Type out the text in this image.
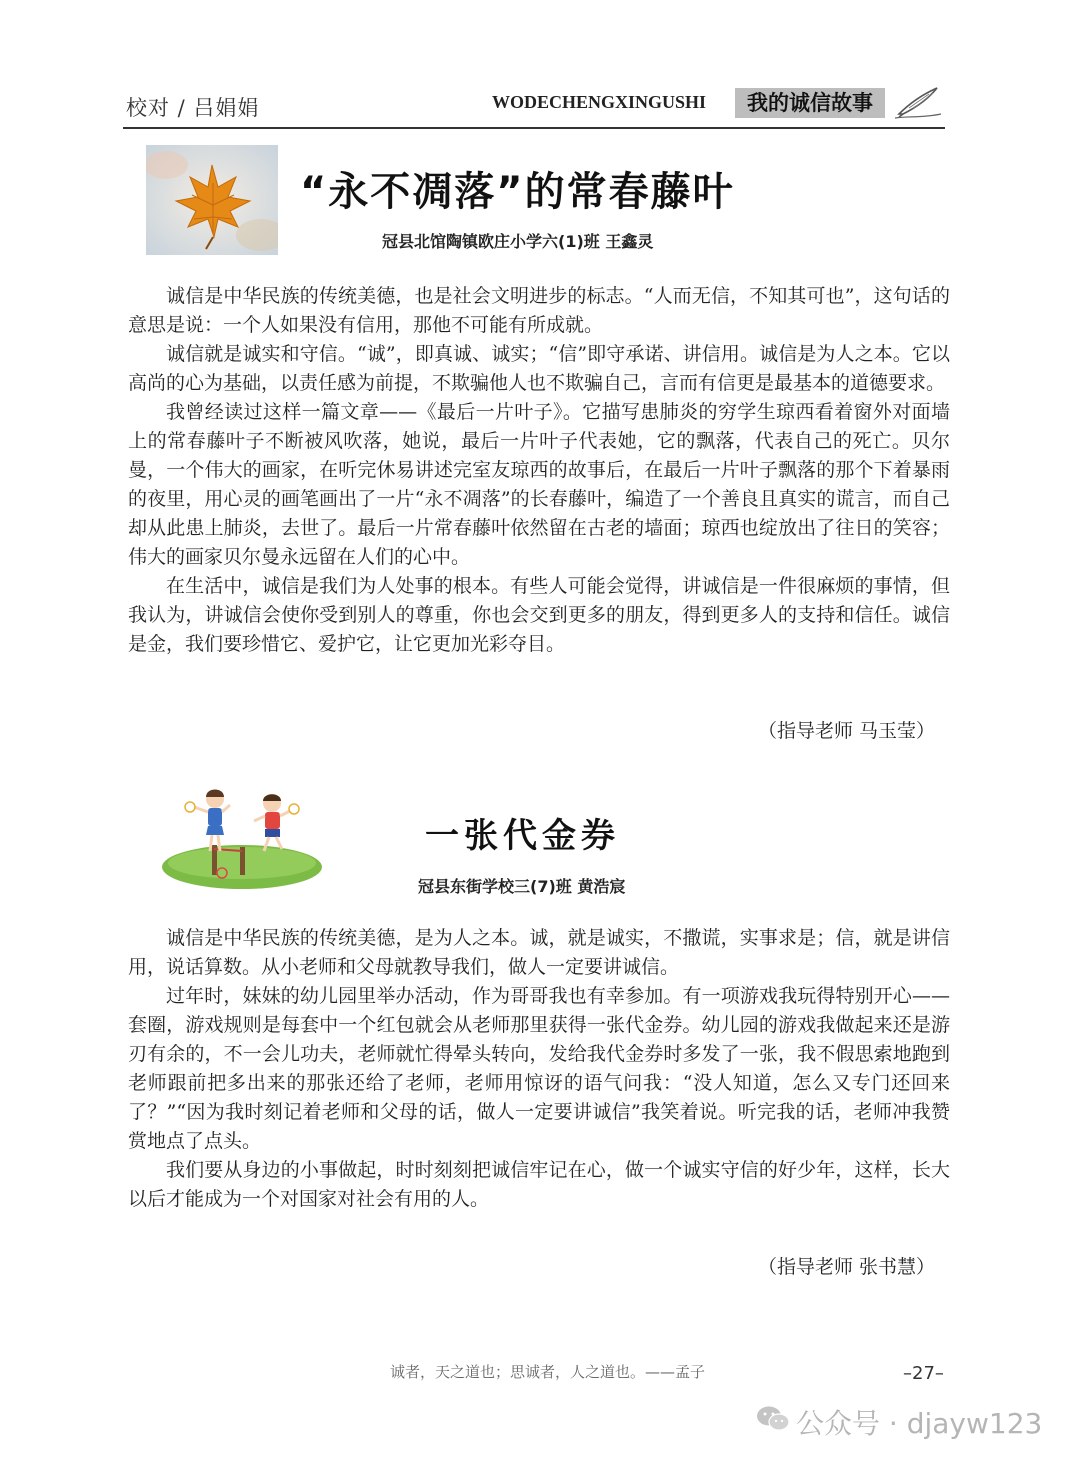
校对 / 吕娟娟	WODECHENGXINGUSHI	我的诚信故事
“永不凋落”的常春藤叶
冠县北馆陶镇欧庄小学六(1)班 王鑫灵

诚信是中华民族的传统美德，也是社会文明进步的标志。“人而无信，不知其可也”，这句话的意思是说：一个人如果没有信用，那他不可能有所成就。

诚信就是诚实和守信。“诚”，即真诚、诚实；“信”即守承诺、讲信用。诚信是为人之本。它以高尚的心为基础，以责任感为前提，不欺骗他人也不欺骗自己，言而有信更是最基本的道德要求。

我曾经读过这样一篇文章——《最后一片叶子》。它描写患肺炎的穷学生琼西看着窗外对面墙上的常春藤叶子不断被风吹落，她说，最后一片叶子代表她，它的飘落，代表自己的死亡。贝尔曼，一个伟大的画家，在听完休易讲述完室友琼西的故事后，在最后一片叶子飘落的那个下着暴雨的夜里，用心灵的画笔画出了一片“永不凋落”的长春藤叶，编造了一个善良且真实的谎言，而自己却从此患上肺炎，去世了。最后一片常春藤叶依然留在古老的墙面；琼西也绽放出了往日的笑容；伟大的画家贝尔曼永远留在人们的心中。

在生活中，诚信是我们为人处事的根本。有些人可能会觉得，讲诚信是一件很麻烦的事情，但我认为，讲诚信会使你受到别人的尊重，你也会交到更多的朋友，得到更多人的支持和信任。诚信是金，我们要珍惜它、爱护它，让它更加光彩夺目。

（指导老师 马玉莹）
一张代金券
冠县东街学校三(7)班 黄浩宸

诚信是中华民族的传统美德，是为人之本。诚，就是诚实，不撒谎，实事求是；信，就是讲信用，说话算数。从小老师和父母就教导我们，做人一定要讲诚信。

过年时，妹妹的幼儿园里举办活动，作为哥哥我也有幸参加。有一项游戏我玩得特别开心——套圈，游戏规则是每套中一个红包就会从老师那里获得一张代金券。幼儿园的游戏我做起来还是游刃有余的，不一会儿功夫，老师就忙得晕头转向，发给我代金券时多发了一张，我不假思索地跑到老师跟前把多出来的那张还给了老师，老师用惊讶的语气问我：“没人知道，怎么又专门还回来了？”“因为我时刻记着老师和父母的话，做人一定要讲诚信”我笑着说。听完我的话，老师冲我赞赏地点了点头。

我们要从身边的小事做起，时时刻刻把诚信牢记在心，做一个诚实守信的好少年，这样，长大以后才能成为一个对国家对社会有用的人。

（指导老师 张书慧）
诚者，天之道也；思诚者，人之道也。——孟子	–27–
公众号 · djayw123
